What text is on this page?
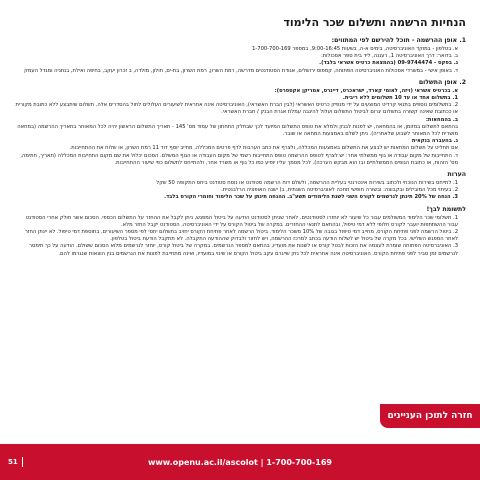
הנחיות הרשמה ותשלום שכר הלימוד
1. אופן ההרשמה - תוכל להירשם לפי המתווים:

א. בטלפון - במוקד האוניברסיטה, בימים א-ה, בשעות 9:00-16:45, במספר 1-700-700-169

ב. בדואר: דרך האוניברסיטה 1, רעננה, ליד בית ספר אסכולות.

ג. בפקס - 09-9744474 (בהמצאת כרטיס אשראי בלבד).

ד. באופן אישי - במשרדי אסכולות האוניברסיטה הפתוחה, קמפוס ירושלים, אגודת הסטודנטים מדרשה, רמת השרון, רמת השרון, בת-ים, חולון, מולדה, ב זכרון יעקב, בחיפה ואילת, בנתניה ומגדל העמק

2. אופן התשלום

א. בכרטיס אשראי (ויזה, לאומי קארד, ישראכרט, דיינרס, אמריקן אקספרס):

1. בתשלום אחד או עד 10 תשלומים ללא ריבית.

2. בתשלומים נוספים בתנאי קרדיט המוצעים על ידי מנפיק כרטיס האשראי (לבין הברת האשראי), האוניברסיטה אינה אחראית לשיעורים העלולים לחול בהסדרים אלה. תשלום שיתבצע ללא כתובת מקורית או ככתובת שאינה קשורה בתשלום יגרום לביטול התשלום ועלול להיגבה עמלת אגרת הבנק / חברת האשראי.

ב. בהמחאות:

בהתאם לתשלום במזומן, או בהמחאה, יש לפנות לבנק ולמלא את טופס התשלום המיועד לכך שבחלק התחתון של עמוד מס' 145 - תאריך התשלום הראשון יהיה לכל המאוחר בתאריך ההרשמה (במחאה מושרית לכל המאוחר לשבוע שלאחריה). ניתן לשלם באמצעות המחאה או שובר.

ג. בהעברה בנקאית

אם תחליט על תשלום המחאות יש לבצע את התשלום באמצעות המכללה, ולצרף את כתב הערבות לדף פרטים המכללה, מחייב יוסף דוד 11 רמת השרון, או שלוח את ההתחייבות.

ד. התחייבות של מקום עבודה או גוף ממשלתי אחר: יש לצרף לטופס ההרשמה טופס התחייבות רשמי של מקום העבודה או הגוף המשלם. הסכום יכלול את שם מקום התחייבות המכללה (תאריך, חתימה, מס' הזהות, או כתובת הגופים הממשלתיים ובו הוא מבקש הערכה). לכל מסמך עליו יופיע כמו כל גוף או משרד אחר, ולהתייחס לתשלום כפי שיעור ההתחייבות.

הערות

1. לתייחס בשירות הנוכחי ולכתוב בשירות אינטרנטי בעליית ההרשמה, ולשלם דוח הרשמה סטודנט או נוסח סטודנט ביחס התקופה 50 שקל

2. בעיתוי מכל המובילים ובקבוצה: ובשורה חופשי תחכה לאוניברסיטה השנתית, ב) ישנה האופציה הרלבנטית.

3. הנחה של 20% תינתן לנרשמים לקורס השני לשנת הלימודים תשע"ב. ההנחה תינתן על שכר הלימוד וחומרי הקורס בלבד.

לתשומת לבך!

1. תשלומי שכר הלימוד המשולמים עבור כל שיעור לא יוחזרו לסטודנטים. לאחר שניתן לסטודנט הודעה על ביטול המפגש, ניתן לקבל את ההחזר על התשלום הכספי. הסכום אשר חולק אחרי הסטודנט עבור ההשתתפות יועבר לקורס חלופי ללא דמי טיפול, ובהתאם לתנאי ההחזרים. במקרה של ביטול הקורס על ידי האוניברסיטה, הסטודנט יקבל החזר מלא.

2. ביטול הרשמה לפני פתיחת הקורס, מחייב דמי טיפול בגובה של 10% משכר הלימוד. ביטול הרשמה לאחר פתיחת הקורס יחויב בתשלום יחסי לפי מספר השיעורים, בתוספת דמי טיפול. לא יינתן החזר לאחר המפגש השלישי. בכל מקרה של ביטול יש לשלוח הודעה בכתב למרכז ההרשמה, ויש לחזור ולבדוק שההודעה התקבלה. לא תתקבל הודעת ביטול בטלפון.

3. האוניברסיטה הפתוחה שומרת לעצמה את הזכות לבטל קורס או לשנות את מועדיו, בהתאם למספר הנרשמים. במקרה של ביטול קורס, יוחזר לנרשמים מלוא הסכום ששולם. הודעה על כך תימסר לנרשמים זמן סביר לפני פתיחת הקורס. האוניברסיטה אינה אחראית לכל נזק שייגרם עקב ביטול הקורס או שינוי במועדיו, ואינה מתחייבת לפצות את הנרשמים בגין הוצאות שנגרמו להם.

חזרה לתוכן העניינים
51	www.openu.ac.il/ascolot | 1-700-700-169
